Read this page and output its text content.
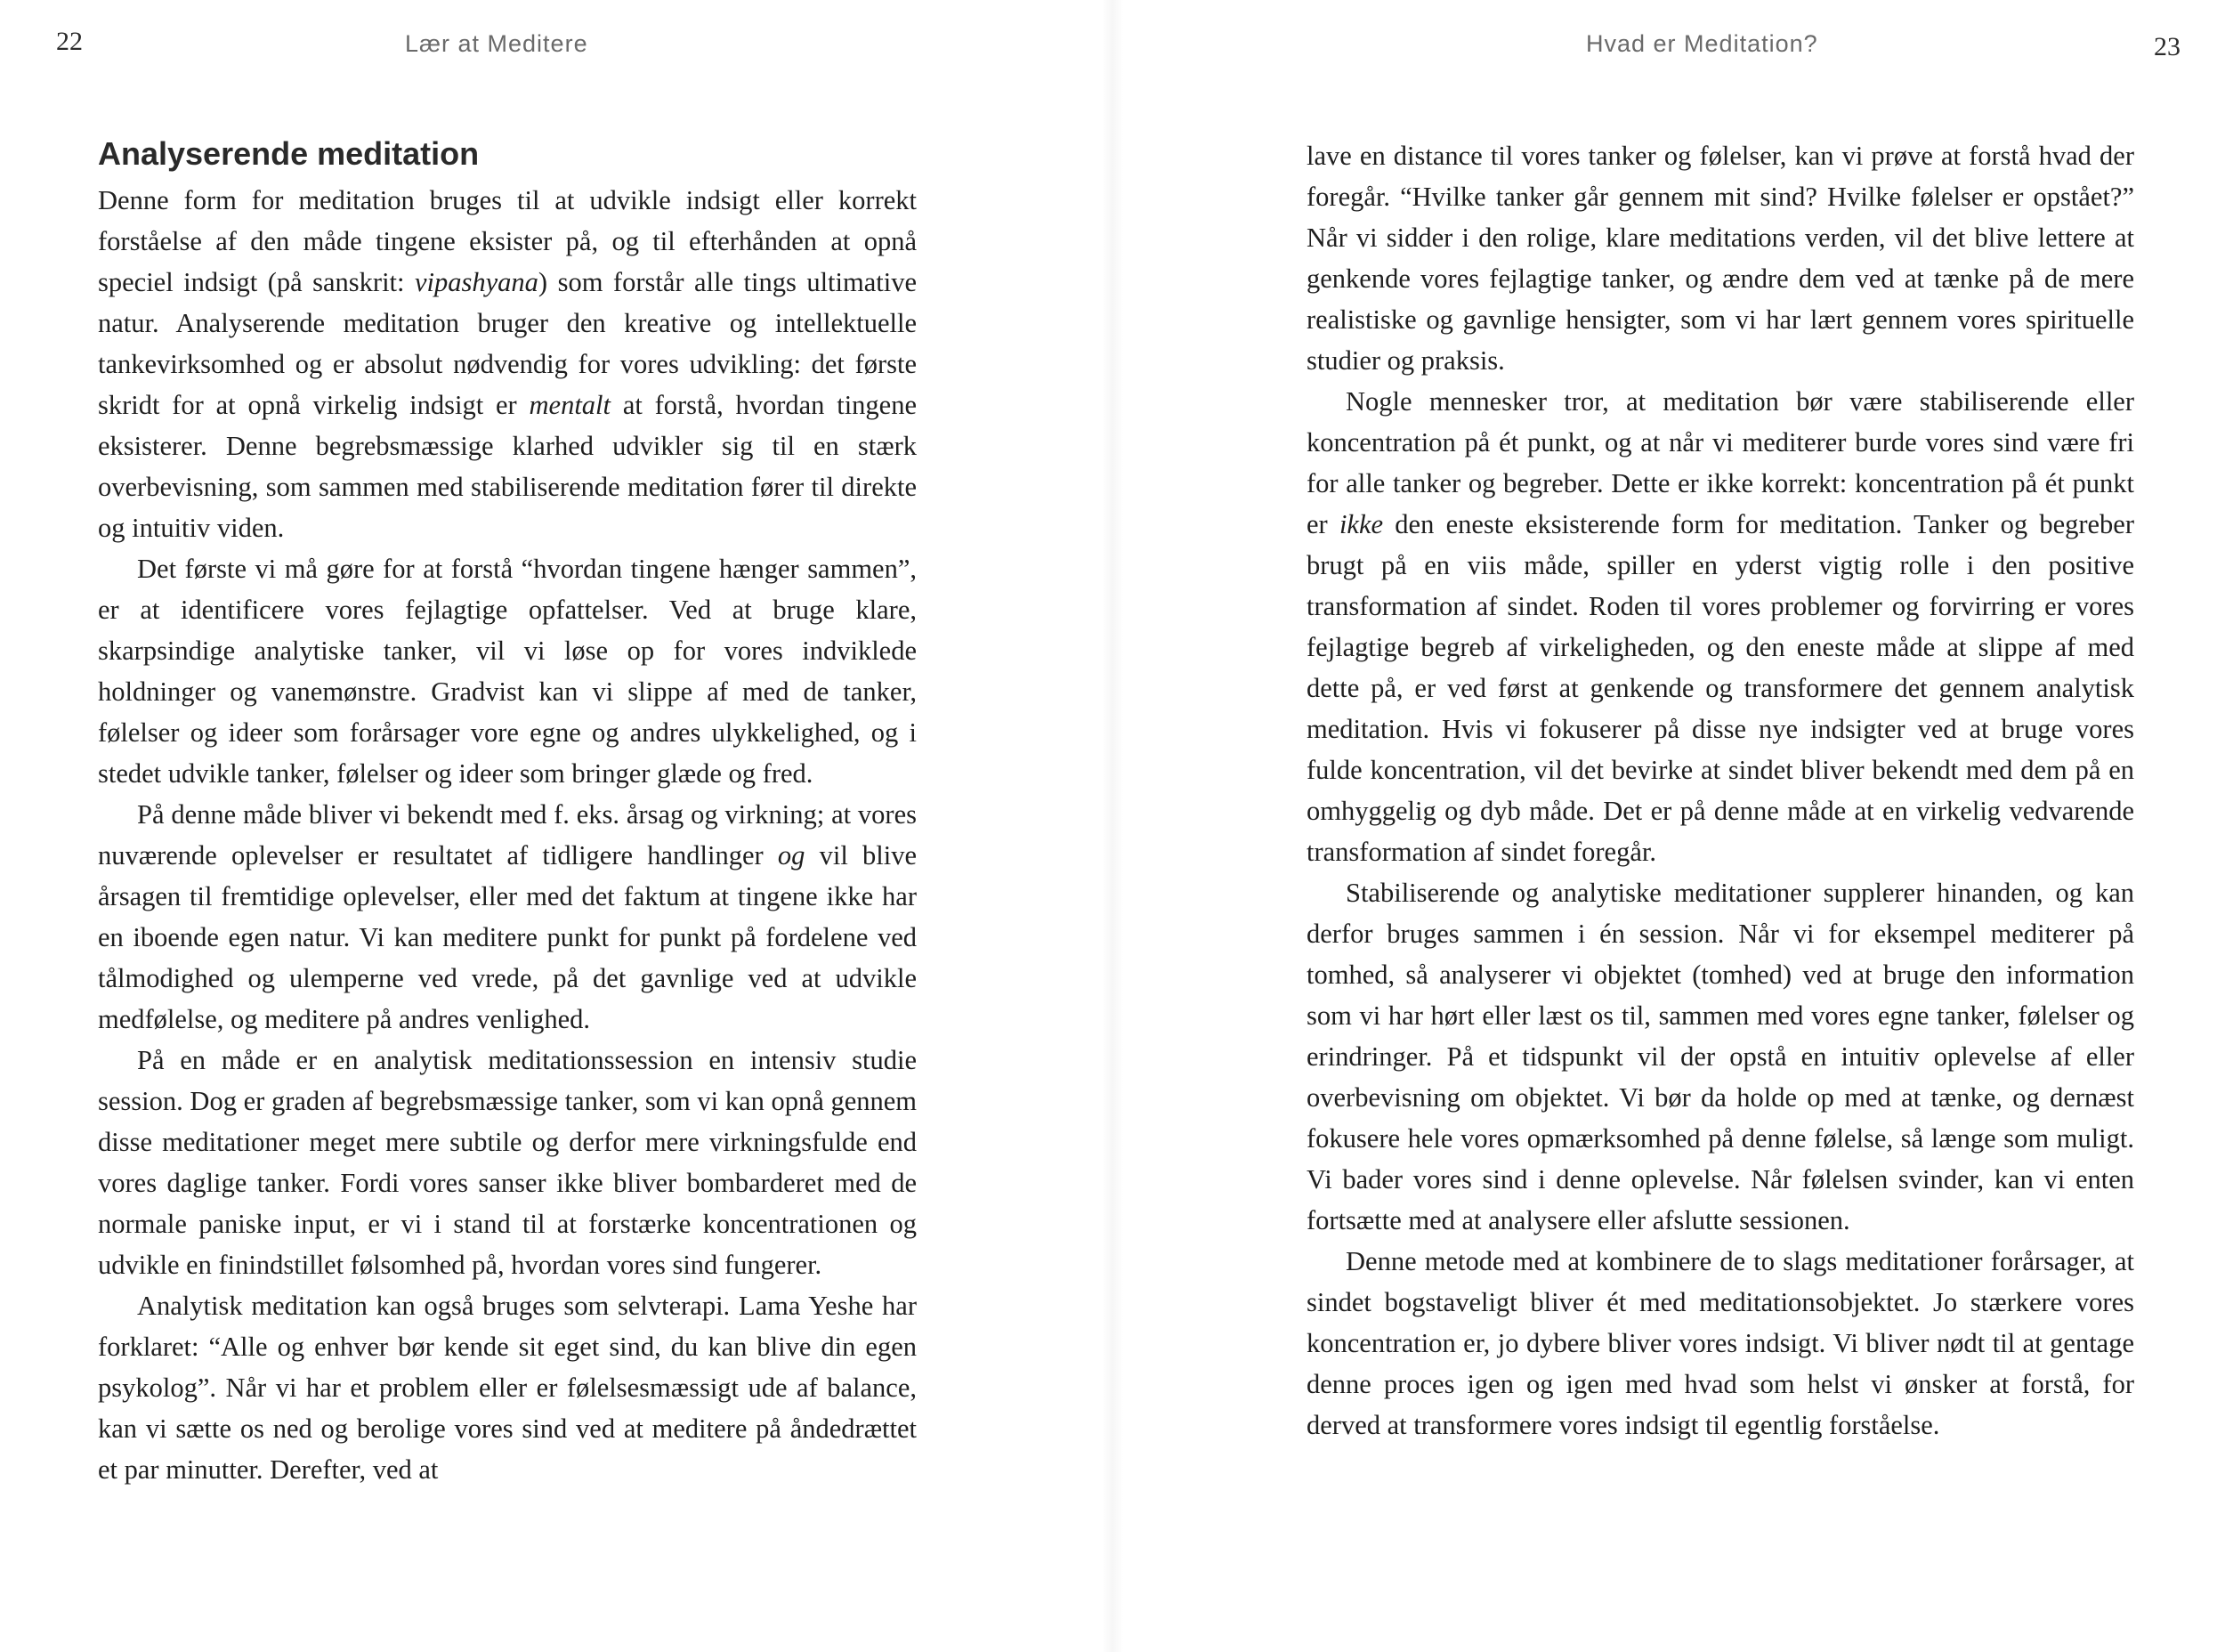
22	Lær at Meditere
Analyserende meditation

Denne form for meditation bruges til at udvikle indsigt eller korrekt forståelse af den måde tingene eksister på, og til efterhånden at opnå speciel indsigt (på sanskrit: vipashyana) som forstår alle tings ultimative natur. Analyserende meditation bruger den kreative og intellektuelle tankevirksomhed og er absolut nødvendig for vores udvikling: det første skridt for at opnå virkelig indsigt er mentalt at forstå, hvordan tingene eksisterer. Denne begrebsmæssige klarhed udvikler sig til en stærk overbevisning, som sammen med stabiliserende meditation fører til direkte og intuitiv viden.

Det første vi må gøre for at forstå “hvordan tingene hænger sammen”, er at identificere vores fejlagtige opfattelser. Ved at bruge klare, skarpsindige analytiske tanker, vil vi løse op for vores indviklede holdninger og vanemønstre. Gradvist kan vi slippe af med de tanker, følelser og ideer som forårsager vore egne og andres ulykkelighed, og i stedet udvikle tanker, følelser og ideer som bringer glæde og fred.

På denne måde bliver vi bekendt med f. eks. årsag og virkning; at vores nuværende oplevelser er resultatet af tidligere handlinger og vil blive årsagen til fremtidige oplevelser, eller med det faktum at tingene ikke har en iboende egen natur. Vi kan meditere punkt for punkt på fordelene ved tålmodighed og ulemperne ved vrede, på det gavnlige ved at udvikle medfølelse, og meditere på andres venlighed.

På en måde er en analytisk meditationssession en intensiv studie session. Dog er graden af begrebsmæssige tanker, som vi kan opnå gennem disse meditationer meget mere subtile og derfor mere virkningsfulde end vores daglige tanker. Fordi vores sanser ikke bliver bombarderet med de normale paniske input, er vi i stand til at forstærke koncentrationen og udvikle en finindstillet følsomhed på, hvordan vores sind fungerer.

Analytisk meditation kan også bruges som selvterapi. Lama Yeshe har forklaret: “Alle og enhver bør kende sit eget sind, du kan blive din egen psykolog”. Når vi har et problem eller er følelsesmæssigt ude af balance, kan vi sætte os ned og berolige vores sind ved at meditere på åndedrættet et par minutter. Derefter, ved at

Hvad er Meditation?	23

lave en distance til vores tanker og følelser, kan vi prøve at forstå hvad der foregår. “Hvilke tanker går gennem mit sind? Hvilke følelser er opstået?” Når vi sidder i den rolige, klare meditations verden, vil det blive lettere at genkende vores fejlagtige tanker, og ændre dem ved at tænke på de mere realistiske og gavnlige hensigter, som vi har lært gennem vores spirituelle studier og praksis.

Nogle mennesker tror, at meditation bør være stabiliserende eller koncentration på ét punkt, og at når vi mediterer burde vores sind være fri for alle tanker og begreber. Dette er ikke korrekt: koncentration på ét punkt er ikke den eneste eksisterende form for meditation. Tanker og begreber brugt på en viis måde, spiller en yderst vigtig rolle i den positive transformation af sindet. Roden til vores problemer og forvirring er vores fejlagtige begreb af virkeligheden, og den eneste måde at slippe af med dette på, er ved først at genkende og transformere det gennem analytisk meditation. Hvis vi fokuserer på disse nye indsigter ved at bruge vores fulde koncentration, vil det bevirke at sindet bliver bekendt med dem på en omhyggelig og dyb måde. Det er på denne måde at en virkelig vedvarende transformation af sindet foregår.

Stabiliserende og analytiske meditationer supplerer hinanden, og kan derfor bruges sammen i én session. Når vi for eksempel mediterer på tomhed, så analyserer vi objektet (tomhed) ved at bruge den information som vi har hørt eller læst os til, sammen med vores egne tanker, følelser og erindringer. På et tidspunkt vil der opstå en intuitiv oplevelse af eller overbevisning om objektet. Vi bør da holde op med at tænke, og dernæst fokusere hele vores opmærksomhed på denne følelse, så længe som muligt. Vi bader vores sind i denne oplevelse. Når følelsen svinder, kan vi enten fortsætte med at analysere eller afslutte sessionen.

Denne metode med at kombinere de to slags meditationer forårsager, at sindet bogstaveligt bliver ét med meditationsobjektet. Jo stærkere vores koncentration er, jo dybere bliver vores indsigt. Vi bliver nødt til at gentage denne proces igen og igen med hvad som helst vi ønsker at forstå, for derved at transformere vores indsigt til egentlig forståelse.
